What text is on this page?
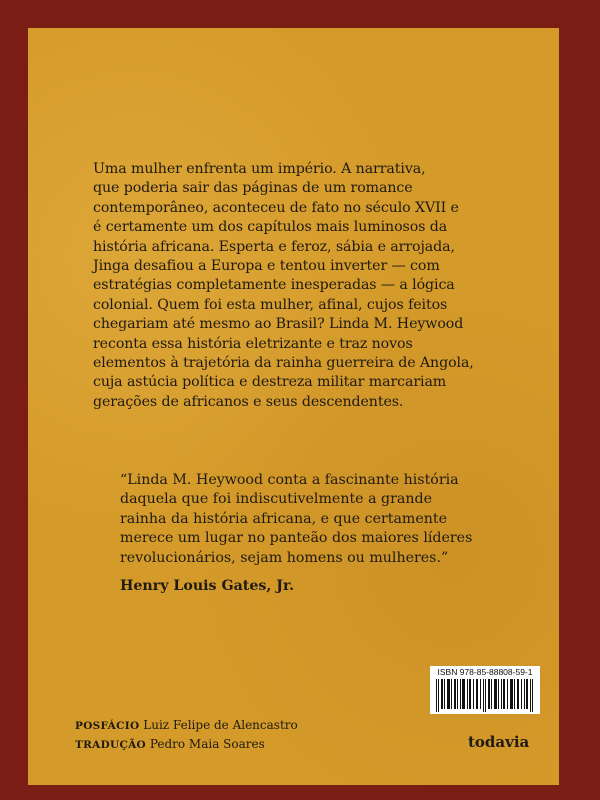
Uma mulher enfrenta um império. A narrativa,
que poderia sair das páginas de um romance
contemporâneo, aconteceu de fato no século XVII e
é certamente um dos capítulos mais luminosos da
história africana. Esperta e feroz, sábia e arrojada,
Jinga desafiou a Europa e tentou inverter — com
estratégias completamente inesperadas — a lógica
colonial. Quem foi esta mulher, afinal, cujos feitos
chegariam até mesmo ao Brasil? Linda M. Heywood
reconta essa história eletrizante e traz novos
elementos à trajetória da rainha guerreira de Angola,
cuja astúcia política e destreza militar marcariam
gerações de africanos e seus descendentes.
“Linda M. Heywood conta a fascinante história
daquela que foi indiscutivelmente a grande
rainha da história africana, e que certamente
merece um lugar no panteão dos maiores líderes
revolucionários, sejam homens ou mulheres.”
Henry Louis Gates, Jr.
POSFÁCIO Luiz Felipe de Alencastro
TRADUÇÃO Pedro Maia Soares
ISBN 978-85-88808-59-1
todavia
